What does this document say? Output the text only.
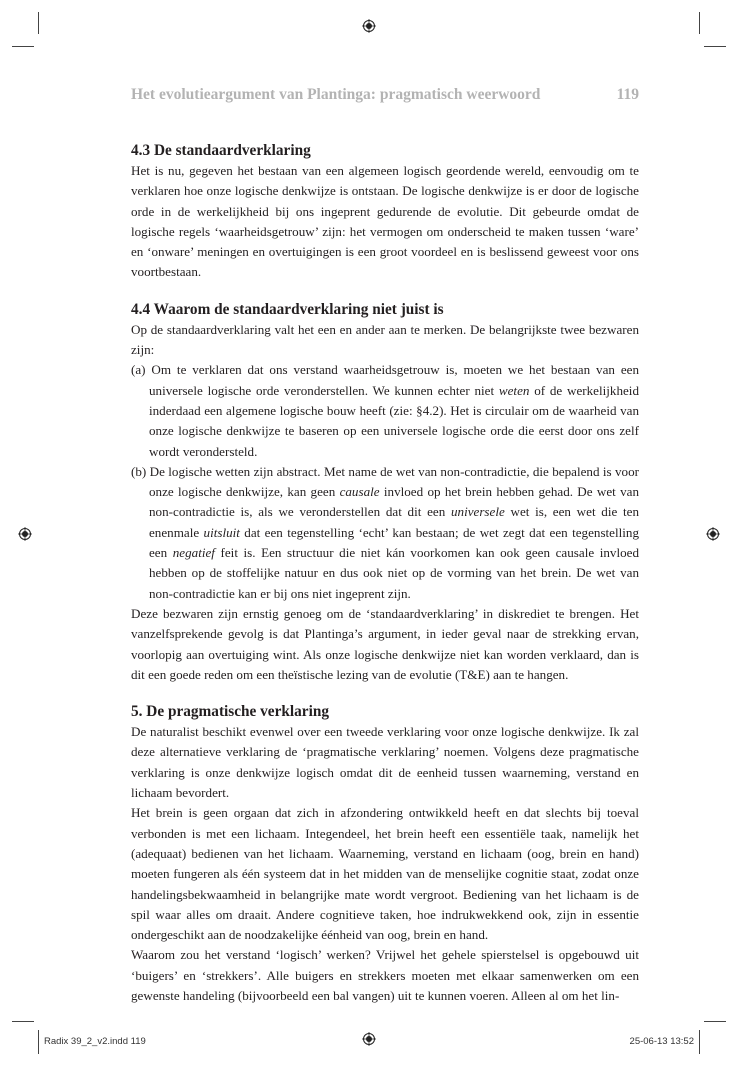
Het evolutieargument van Plantinga: pragmatisch weerwoord	119
4.3 De standaardverklaring

Het is nu, gegeven het bestaan van een algemeen logisch geordende wereld, eenvoudig om te verklaren hoe onze logische denkwijze is ontstaan. De logische denkwijze is er door de logische orde in de werkelijkheid bij ons ingeprent gedurende de evolutie. Dit gebeurde omdat de logische regels ‘waarheidsgetrouw’ zijn: het vermogen om onderscheid te maken tussen ‘ware’ en ‘onware’ meningen en overtuigingen is een groot voordeel en is beslissend geweest voor ons voortbestaan.

4.4 Waarom de standaardverklaring niet juist is

Op de standaardverklaring valt het een en ander aan te merken. De belangrijkste twee bezwaren zijn:

(a) Om te verklaren dat ons verstand waarheidsgetrouw is, moeten we het bestaan van een universele logische orde veronderstellen. We kunnen echter niet weten of de werkelijkheid inderdaad een algemene logische bouw heeft (zie: §4.2). Het is circulair om de waarheid van onze logische denkwijze te baseren op een universele logische orde die eerst door ons zelf wordt verondersteld.

(b) De logische wetten zijn abstract. Met name de wet van non-contradictie, die bepalend is voor onze logische denkwijze, kan geen causale invloed op het brein hebben gehad. De wet van non-contradictie is, als we veronderstellen dat dit een universele wet is, een wet die ten enenmale uitsluit dat een tegenstelling ‘echt’ kan bestaan; de wet zegt dat een tegenstelling een negatief feit is. Een structuur die niet kán voorkomen kan ook geen causale invloed hebben op de stoffelijke natuur en dus ook niet op de vorming van het brein. De wet van non-contradictie kan er bij ons niet ingeprent zijn.

Deze bezwaren zijn ernstig genoeg om de ‘standaardverklaring’ in diskrediet te brengen. Het vanzelfsprekende gevolg is dat Plantinga’s argument, in ieder geval naar de strekking ervan, voorlopig aan overtuiging wint. Als onze logische denkwijze niet kan worden verklaard, dan is dit een goede reden om een theïstische lezing van de evolutie (T&E) aan te hangen.

5. De pragmatische verklaring

De naturalist beschikt evenwel over een tweede verklaring voor onze logische denkwijze. Ik zal deze alternatieve verklaring de ‘pragmatische verklaring’ noemen. Volgens deze pragmatische verklaring is onze denkwijze logisch omdat dit de eenheid tussen waarneming, verstand en lichaam bevordert.

Het brein is geen orgaan dat zich in afzondering ontwikkeld heeft en dat slechts bij toeval verbonden is met een lichaam. Integendeel, het brein heeft een essentiële taak, namelijk het (adequaat) bedienen van het lichaam. Waarneming, verstand en lichaam (oog, brein en hand) moeten fungeren als één systeem dat in het midden van de menselijke cognitie staat, zodat onze handelingsbekwaamheid in belangrijke mate wordt vergroot. Bediening van het lichaam is de spil waar alles om draait. Andere cognitieve taken, hoe indrukwekkend ook, zijn in essentie ondergeschikt aan de noodzakelijke éénheid van oog, brein en hand.

Waarom zou het verstand ‘logisch’ werken? Vrijwel het gehele spierstelsel is opgebouwd uit ‘buigers’ en ‘strekkers’. Alle buigers en strekkers moeten met elkaar samenwerken om een gewenste handeling (bijvoorbeeld een bal vangen) uit te kunnen voeren. Alleen al om het lin-

Radix 39_2_v2.indd 119	25-06-13 13:52
